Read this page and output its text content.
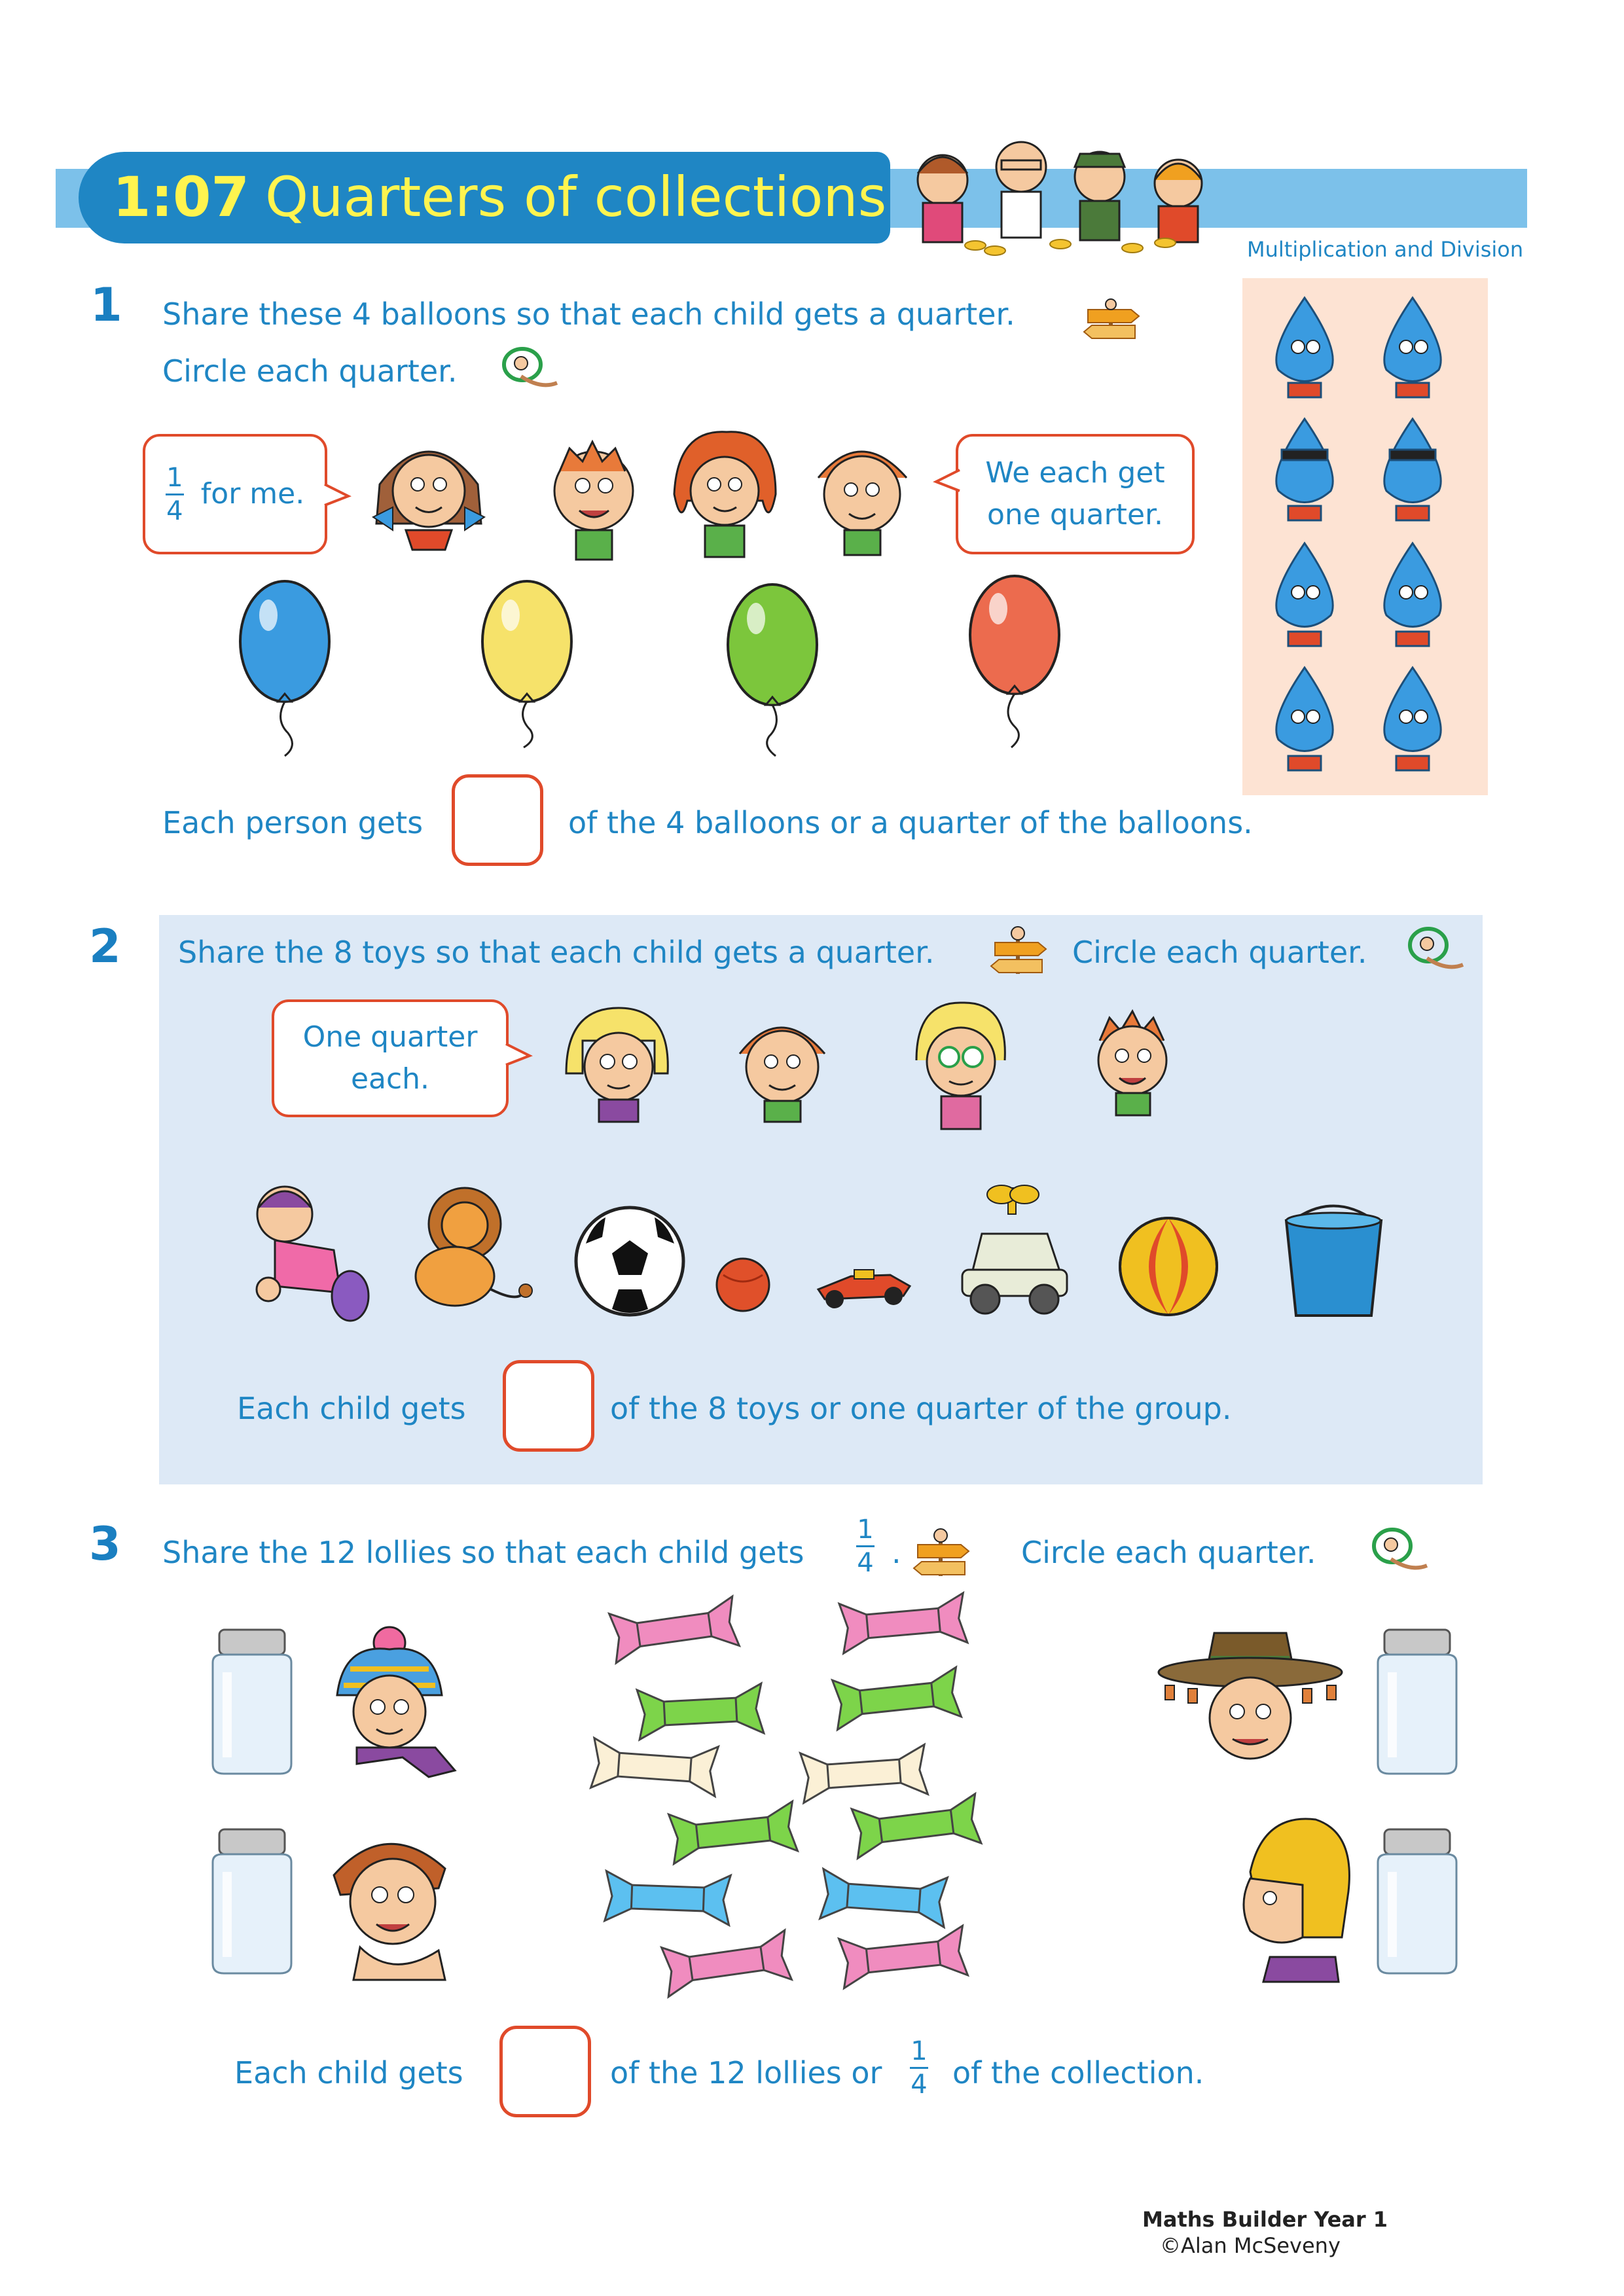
1:07 Quarters of collections
Multiplication and Division
1 Share these 4 balloons so that each child gets a quarter.
Circle each quarter.
$\frac{1}{4}$ for me.
We each get
one quarter.
Each person gets	of the 4 balloons or a quarter of the balloons.
2 Share the 8 toys so that each child gets a quarter.	Circle each quarter.
One quarter
each.
Each child gets	of the 8 toys or one quarter of the group.
3 Share the 12 lollies so that each child gets
1
4 .	Circle each quarter.
Each child gets	of the 12 lollies or
1
4 of the collection.
Maths Builder Year 1
©Alan McSeveny
